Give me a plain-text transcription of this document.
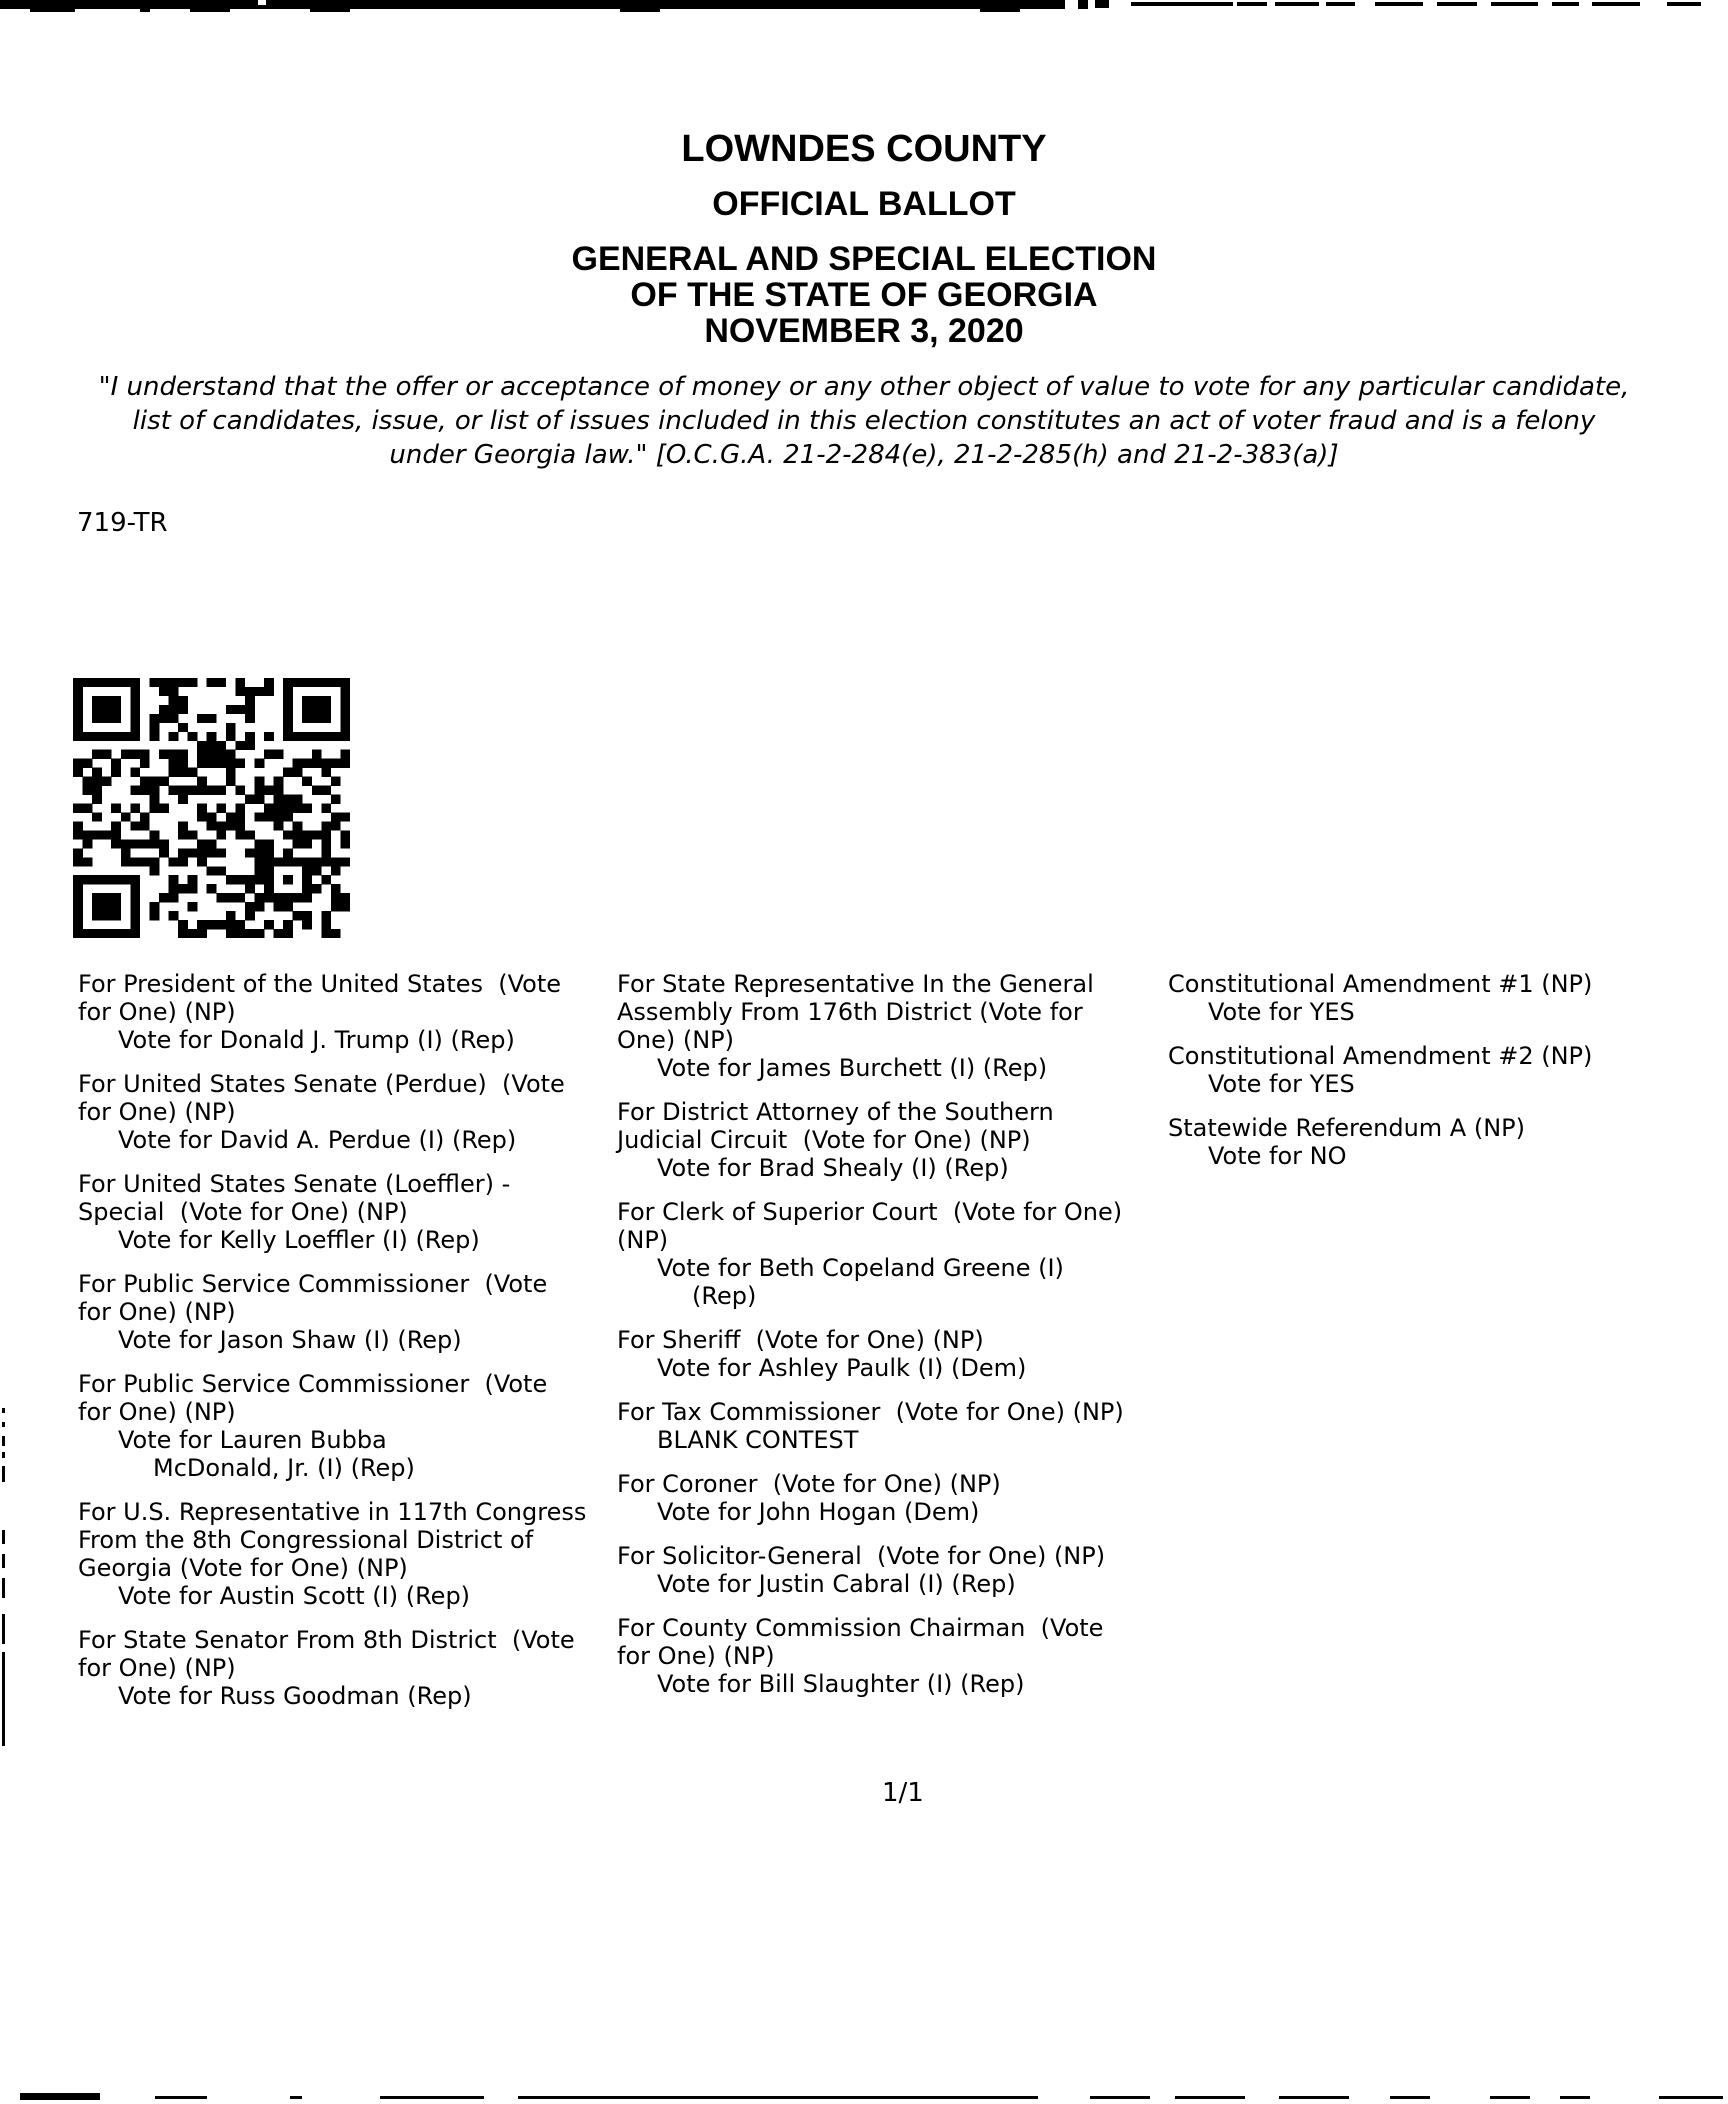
LOWNDES COUNTY
OFFICIAL BALLOT
GENERAL AND SPECIAL ELECTION
OF THE STATE OF GEORGIA
NOVEMBER 3, 2020
"I understand that the offer or acceptance of money or any other object of value to vote for any particular candidate,
list of candidates, issue, or list of issues included in this election constitutes an act of voter fraud and is a felony
under Georgia law." [O.C.G.A. 21-2-284(e), 21-2-285(h) and 21-2-383(a)]
719-TR
For President of the United States  (Vote
for One) (NP)
Vote for Donald J. Trump (I) (Rep)
For United States Senate (Perdue)  (Vote
for One) (NP)
Vote for David A. Perdue (I) (Rep)
For United States Senate (Loeffler) -
Special  (Vote for One) (NP)
Vote for Kelly Loeffler (I) (Rep)
For Public Service Commissioner  (Vote
for One) (NP)
Vote for Jason Shaw (I) (Rep)
For Public Service Commissioner  (Vote
for One) (NP)
Vote for Lauren Bubba
McDonald, Jr. (I) (Rep)
For U.S. Representative in 117th Congress
From the 8th Congressional District of
Georgia (Vote for One) (NP)
Vote for Austin Scott (I) (Rep)
For State Senator From 8th District  (Vote
for One) (NP)
Vote for Russ Goodman (Rep)
For State Representative In the General
Assembly From 176th District (Vote for
One) (NP)
Vote for James Burchett (I) (Rep)
For District Attorney of the Southern
Judicial Circuit  (Vote for One) (NP)
Vote for Brad Shealy (I) (Rep)
For Clerk of Superior Court  (Vote for One)
(NP)
Vote for Beth Copeland Greene (I)
(Rep)
For Sheriff  (Vote for One) (NP)
Vote for Ashley Paulk (I) (Dem)
For Tax Commissioner  (Vote for One) (NP)
BLANK CONTEST
For Coroner  (Vote for One) (NP)
Vote for John Hogan (Dem)
For Solicitor-General  (Vote for One) (NP)
Vote for Justin Cabral (I) (Rep)
For County Commission Chairman  (Vote
for One) (NP)
Vote for Bill Slaughter (I) (Rep)
Constitutional Amendment #1 (NP)
Vote for YES
Constitutional Amendment #2 (NP)
Vote for YES
Statewide Referendum A (NP)
Vote for NO
1/1
